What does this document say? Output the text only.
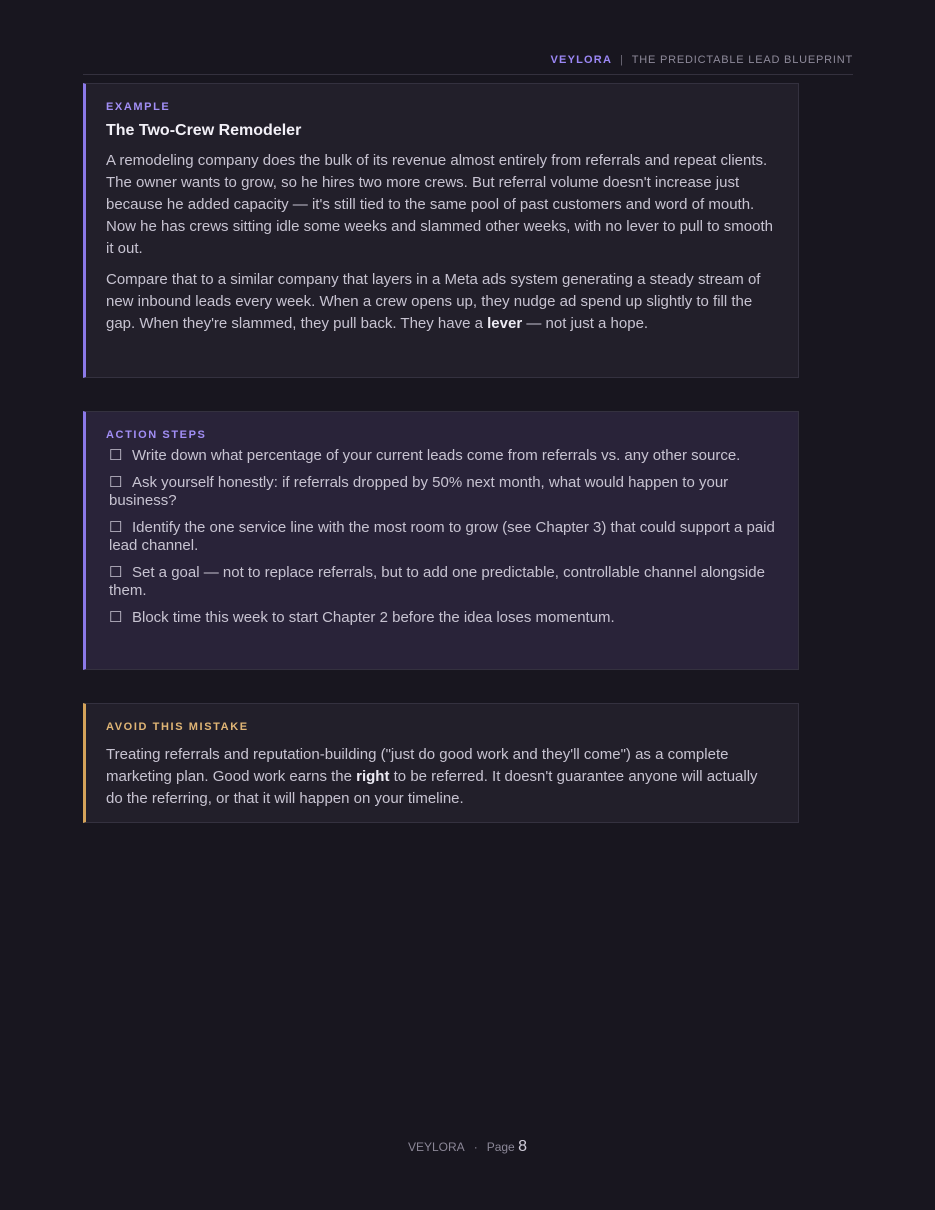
VEYLORA | THE PREDICTABLE LEAD BLUEPRINT
EXAMPLE
The Two-Crew Remodeler
A remodeling company does the bulk of its revenue almost entirely from referrals and repeat clients. The owner wants to grow, so he hires two more crews. But referral volume doesn't increase just because he added capacity — it's still tied to the same pool of past customers and word of mouth. Now he has crews sitting idle some weeks and slammed other weeks, with no lever to pull to smooth it out.
Compare that to a similar company that layers in a Meta ads system generating a steady stream of new inbound leads every week. When a crew opens up, they nudge ad spend up slightly to fill the gap. When they're slammed, they pull back. They have a lever — not just a hope.
ACTION STEPS
☐ Write down what percentage of your current leads come from referrals vs. any other source.
☐ Ask yourself honestly: if referrals dropped by 50% next month, what would happen to your business?
☐ Identify the one service line with the most room to grow (see Chapter 3) that could support a paid lead channel.
☐ Set a goal — not to replace referrals, but to add one predictable, controllable channel alongside them.
☐ Block time this week to start Chapter 2 before the idea loses momentum.
AVOID THIS MISTAKE
Treating referrals and reputation-building ("just do good work and they'll come") as a complete marketing plan. Good work earns the right to be referred. It doesn't guarantee anyone will actually do the referring, or that it will happen on your timeline.
VEYLORA · Page 8
